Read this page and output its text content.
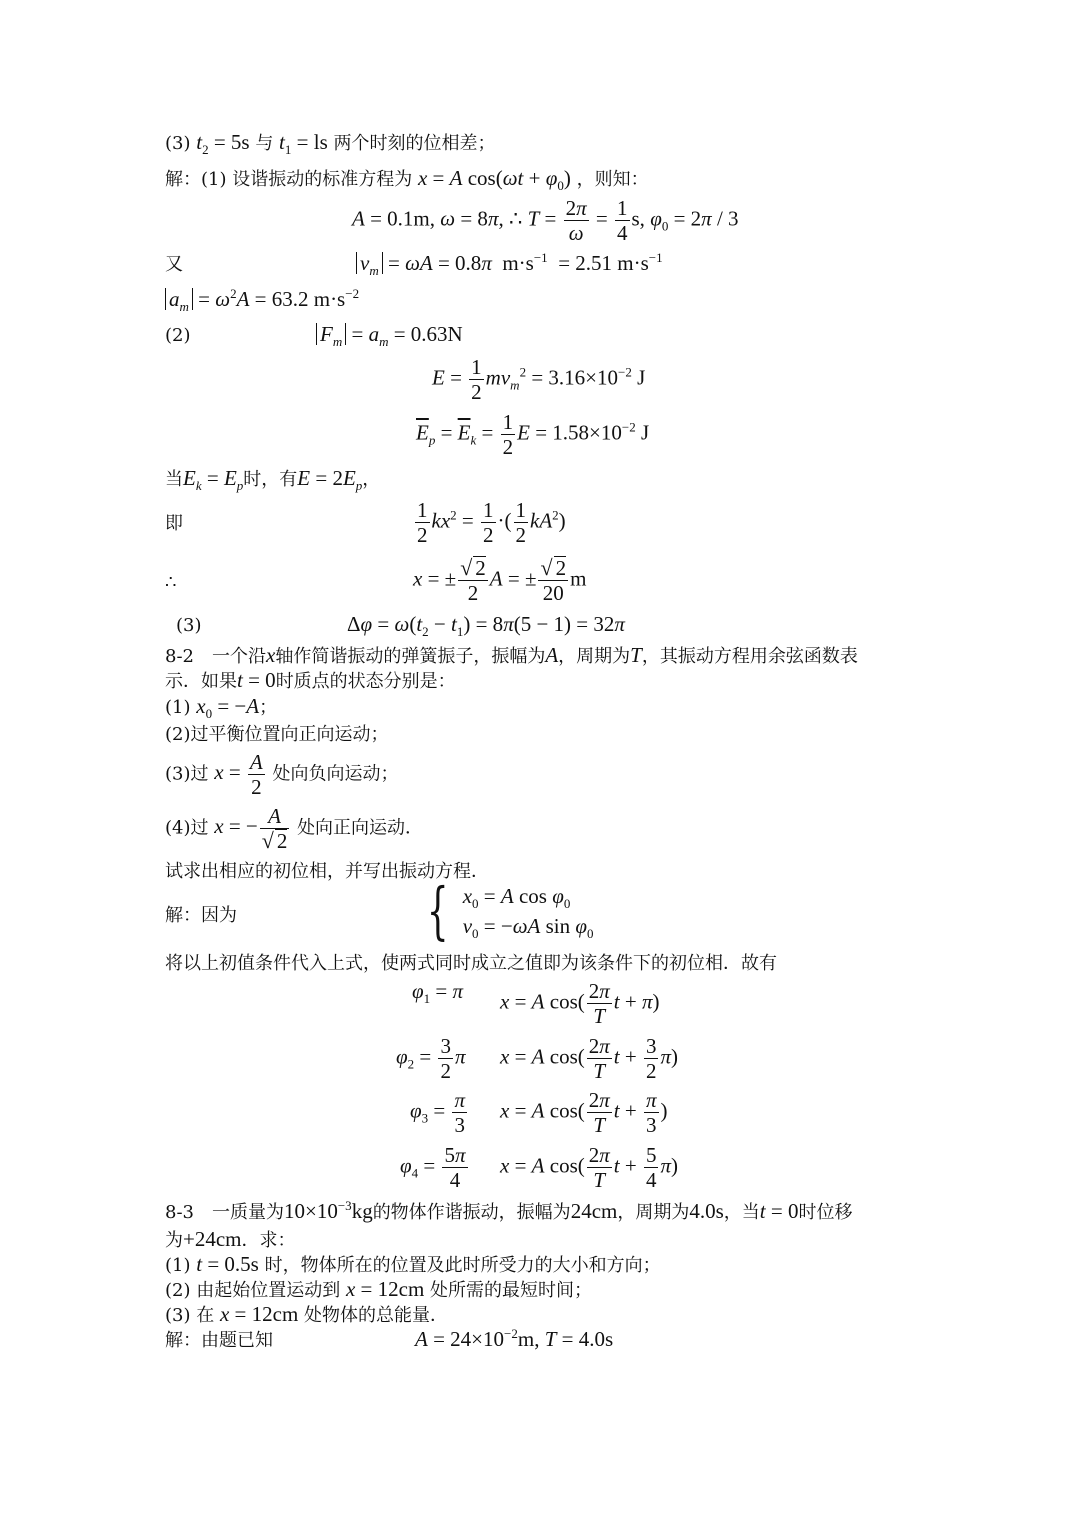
(3) $t_2 = 5s$ 与 $t_1$ = ls 两个时刻的位相差；
解：(1) 设谐振动的标准方程为 x = A $\cos(\omega t + \varphi_0)$ ，则知：
A = 0.1m, ω = 8π, ∴ $T = \frac{2\pi}{\omega} = \frac{1}{4} s$, $\varphi_0 = 2\pi / 3$
又	$v_m = \omega A = 0.8\pi$  $m\cdot s^{-1} = 2.51$ $m\cdot s^{-1}$
$a_m = \omega^2A = 63.2$ $m\cdot s^{-2}$
(2)	$F_m = a_m = 0.63N$
$E = \frac{1}{2} mv_m^2 = 3.16\times 10^{-2}$ J
$\overline{E}_p = \overline{E}_k = \frac{1}{2}$ $E = 1.58\times 10^{-2}$ J
当$E_k = E_p$时，有$E = 2E_p$，
即	$\frac{1}{2} kx^2 = \frac{1}{2}$ ·( $\frac{1}{2} kA^2$)
∴	x = ± $\frac{√ 2}{2}$ A = ± $\frac{√ 2}{20}$ m
(3)	$\Delta\varphi = \omega(t_2 - t_1) = 8\pi(5 - 1) = 32\pi$
8-2　一个沿x轴作简谐振动的弹簧振子，振幅为A，周期为T，其振动方程用余弦函数表
示．如果t = 0时质点的状态分别是：
(1) $x_0 = -A$；
(2)过平衡位置向正向运动；
(3)过 $x = \frac{A}{2}$ 处向负向运动；
(4)过 x = − $\frac{A}{√ 2}$ 处向正向运动．
试求出相应的初位相，并写出振动方程．
解：因为	{ $x_0 = A$ $\cos \varphi_0$
$v_0 = -\omega A$ $\sin \varphi_0$
将以上初值条件代入上式，使两式同时成立之值即为该条件下的初位相．故有
$\varphi_1 = \pi$ x = A $\cos( \frac{2\pi}{T}$ t + π)
$\varphi_2 = \frac{3}{2}$ π x = A $\cos( \frac{2\pi}{T}$ $t + \frac{3}{2} \pi$)
$\varphi_3 = \frac{\pi}{3}$ x = A $\cos( \frac{2\pi}{T}$ $t + \frac{\pi}{3}$ )
$\varphi_4 = \frac{5\pi}{4}$ x = A $\cos( \frac{2\pi}{T}$ $t + \frac{5}{4} \pi$)
8-3　一质量为$10\times 10^{-3}kg$的物体作谐振动，振幅为24cm，周期为4.0s，当t = 0时位移
为+24cm．求：
(1) t = 0.5s 时，物体所在的位置及此时所受力的大小和方向；
(2) 由起始位置运动到 x = 12cm 处所需的最短时间；
(3) 在 x = 12cm 处物体的总能量．
解：由题已知	$A = 24\times 10^{-2}m$, T = 4.0s
